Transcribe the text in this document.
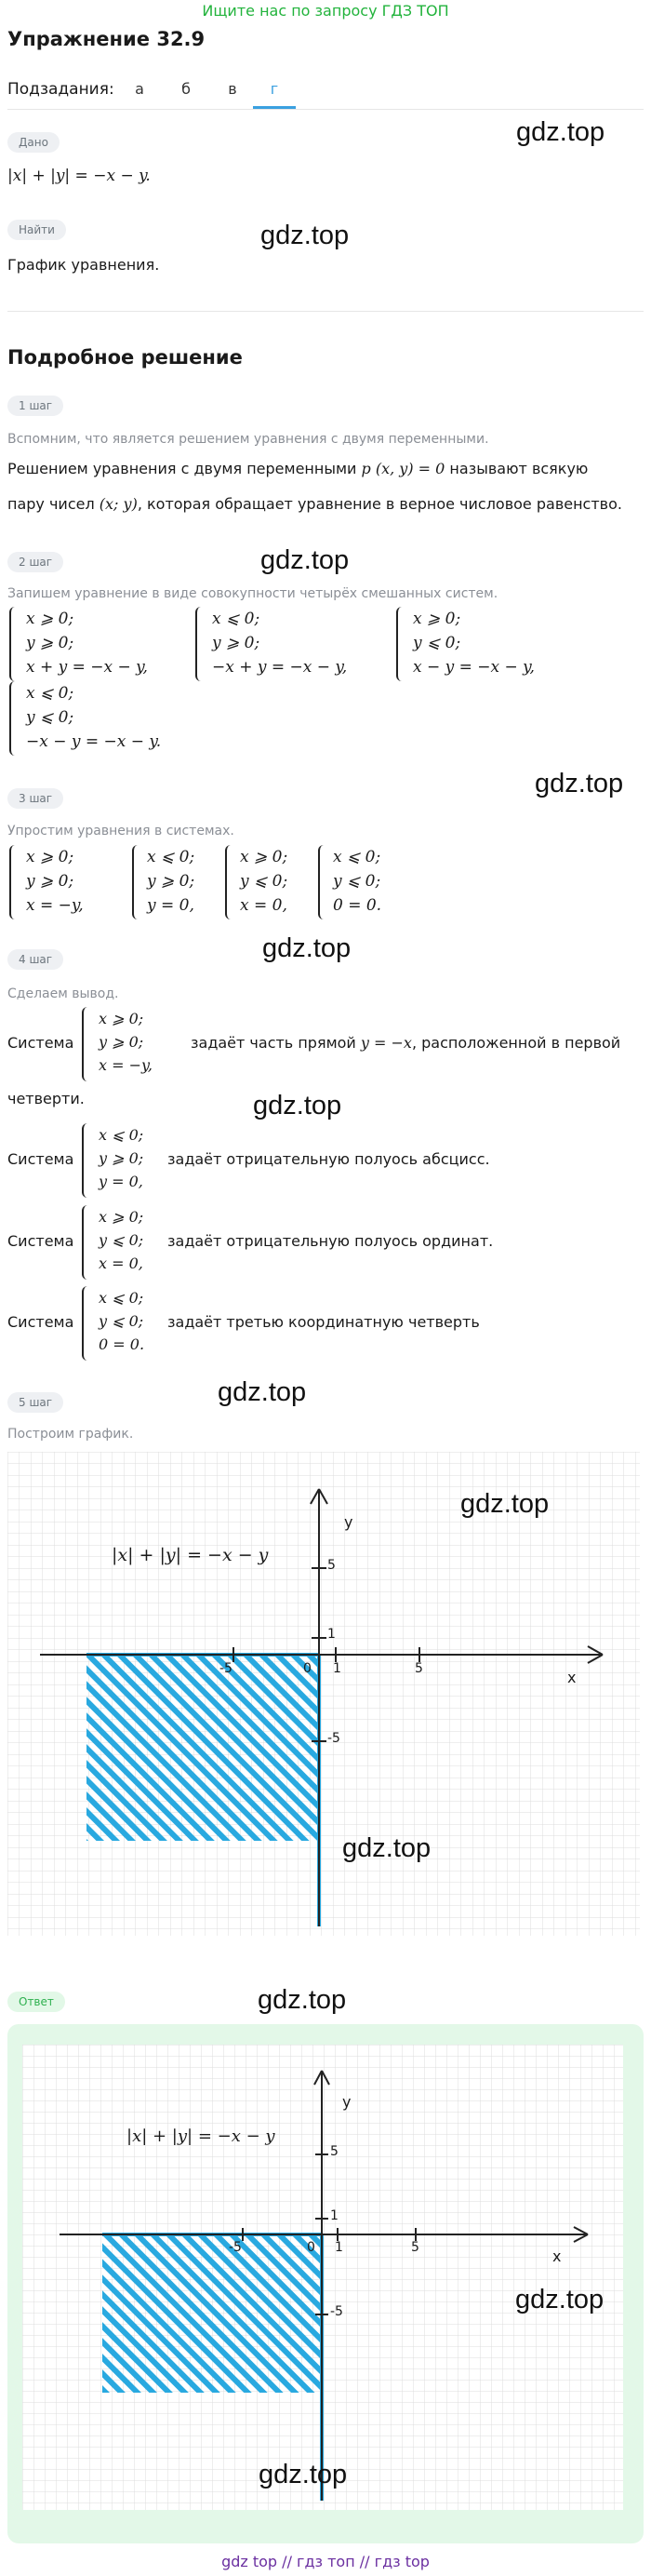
Ищите нас по запросу ГДЗ ТОП
Упражнение 32.9
Подзадания:	а	б	в	г
Дано
|x| + |y| = −x − y.
Найти
График уравнения.
gdz.top
gdz.top
Подробное решение
1 шаг
Вспомним, что является решением уравнения с двумя переменными.
Решением уравнения с двумя переменными p (x, y) = 0 называют всякую
пару чисел (x; y), которая обращает уравнение в верное числовое равенство.
gdz.top
2 шаг
Запишем уравнение в виде совокупности четырёх смешанных систем.
x ⩾ 0;
y ⩾ 0;
x + y = −x − y,
x ⩽ 0;
y ⩾ 0;
−x + y = −x − y,
x ⩾ 0;
y ⩽ 0;
x − y = −x − y,
x ⩽ 0;
y ⩽ 0;
−x − y = −x − y.
gdz.top
3 шаг
Упростим уравнения в системах.
x ⩾ 0;
y ⩾ 0;
x = −y,
x ⩽ 0;
y ⩾ 0;
y = 0,
x ⩾ 0;
y ⩽ 0;
x = 0,
x ⩽ 0;
y ⩽ 0;
0 = 0.
4 шаг	gdz.top
Сделаем вывод.
Система
x ⩾ 0;
y ⩾ 0;
x = −y,
задаёт часть прямой y = −x, расположенной в первой
четверти.	gdz.top
Система
x ⩽ 0;
y ⩾ 0;
y = 0,
задаёт отрицательную полуось абсцисс.
Система
x ⩾ 0;
y ⩽ 0;
x = 0,
задаёт отрицательную полуось ординат.
Система
x ⩽ 0;
y ⩽ 0;
0 = 0.
задаёт третью координатную четверть
gdz.top
5 шаг
Построим график.
-5	0 1	5
5
1
-5
y
x
|x| + |y| = −x − y
gdz.top
gdz.top
gdz.top
Ответ
-5	0 1	5
5
1
-5
y
x
|x| + |y| = −x − y
gdz.top
gdz.top
gdz top // гдз топ // гдз top
